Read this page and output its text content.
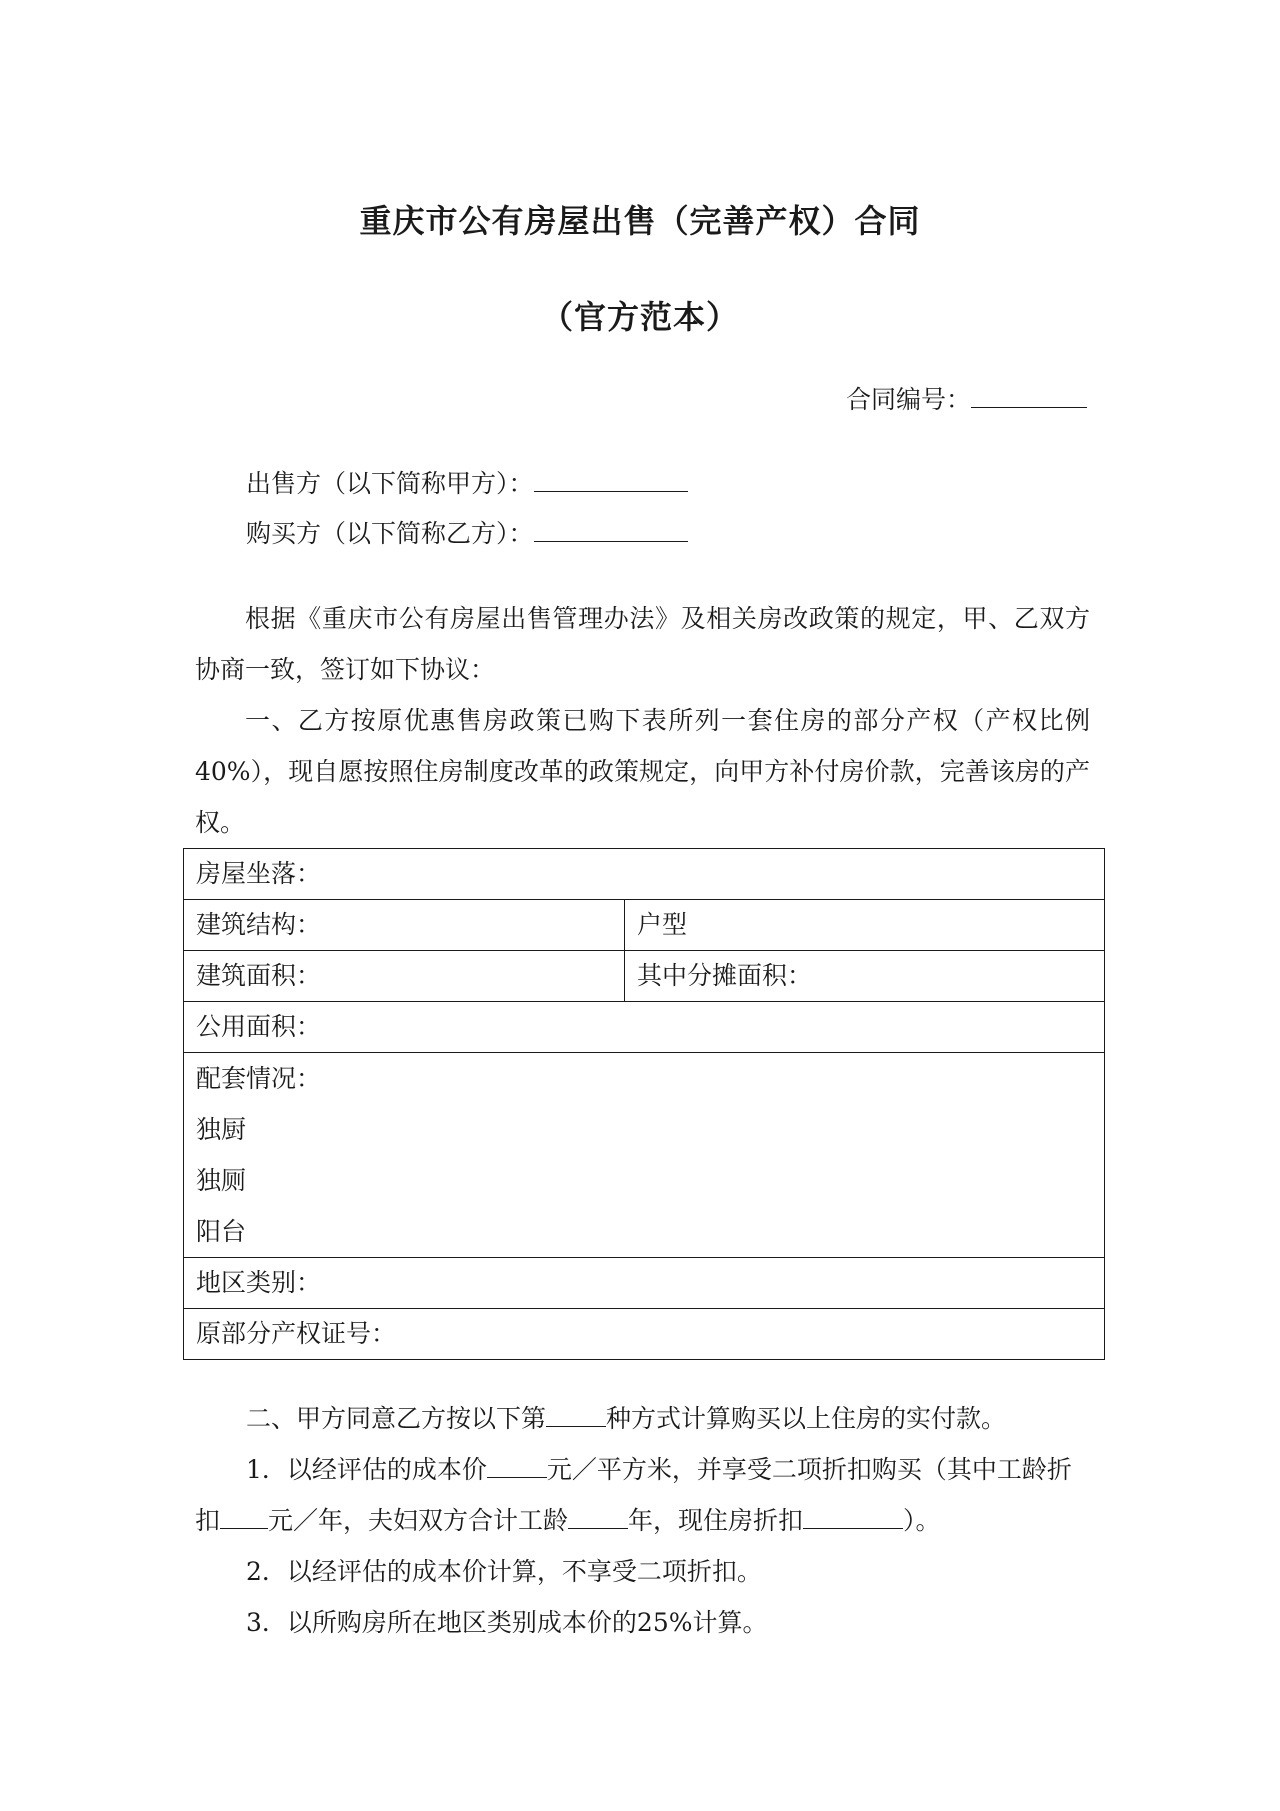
重庆市公有房屋出售（完善产权）合同
（官方范本）
合同编号：
出售方（以下简称甲方）：
购买方（以下简称乙方）：
根据《重庆市公有房屋出售管理办法》及相关房改政策的规定，甲、乙双方协商一致，签订如下协议：
一、乙方按原优惠售房政策已购下表所列一套住房的部分产权（产权比例40%），现自愿按照住房制度改革的政策规定，向甲方补付房价款，完善该房的产权。
房屋坐落：	
建筑结构：	户型
建筑面积：	其中分摊面积：
公用面积：	

配套情况：
独厨
独厕
阳台	

地区类别：	
原部分产权证号：	
二、甲方同意乙方按以下第 种方式计算购买以上住房的实付款。
1．以经评估的成本价 元／平方米，并享受二项折扣购买（其中工龄折
扣 元／年，夫妇双方合计工龄 年，现住房折扣	）。
2．以经评估的成本价计算，不享受二项折扣。
3．以所购房所在地区类别成本价的25%计算。
